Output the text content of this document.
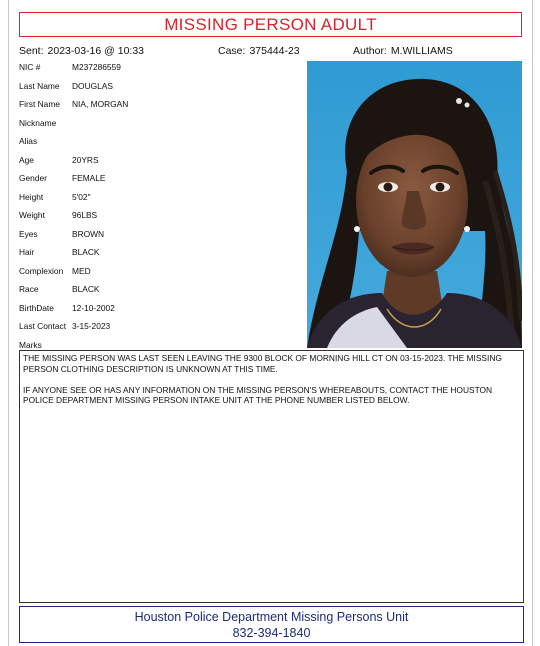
MISSING PERSON ADULT
Sent: 2023-03-16 @ 10:33	Case: 375444-23	Author: M.WILLIAMS
NIC #	M237286559
Last Name DOUGLAS
First Name NIA, MORGAN
Nickname
Alias
Age	20YRS
Gender	FEMALE
Height	5'02"
Weight	96LBS
Eyes	BROWN
Hair	BLACK
Complexion MED
Race	BLACK
BirthDate 12-10-2002
Last Contact 3-15-2023
Marks

THE MISSING PERSON WAS LAST SEEN LEAVING THE 9300 BLOCK OF MORNING HILL CT ON 03-15-2023. THE MISSING PERSON CLOTHING DESCRIPTION IS UNKNOWN AT THIS TIME.

IF ANYONE SEE OR HAS ANY INFORMATION ON THE MISSING PERSON'S WHEREABOUTS, CONTACT THE HOUSTON POLICE DEPARTMENT MISSING PERSON INTAKE UNIT AT THE PHONE NUMBER LISTED BELOW.

Houston Police Department Missing Persons Unit
832-394-1840
